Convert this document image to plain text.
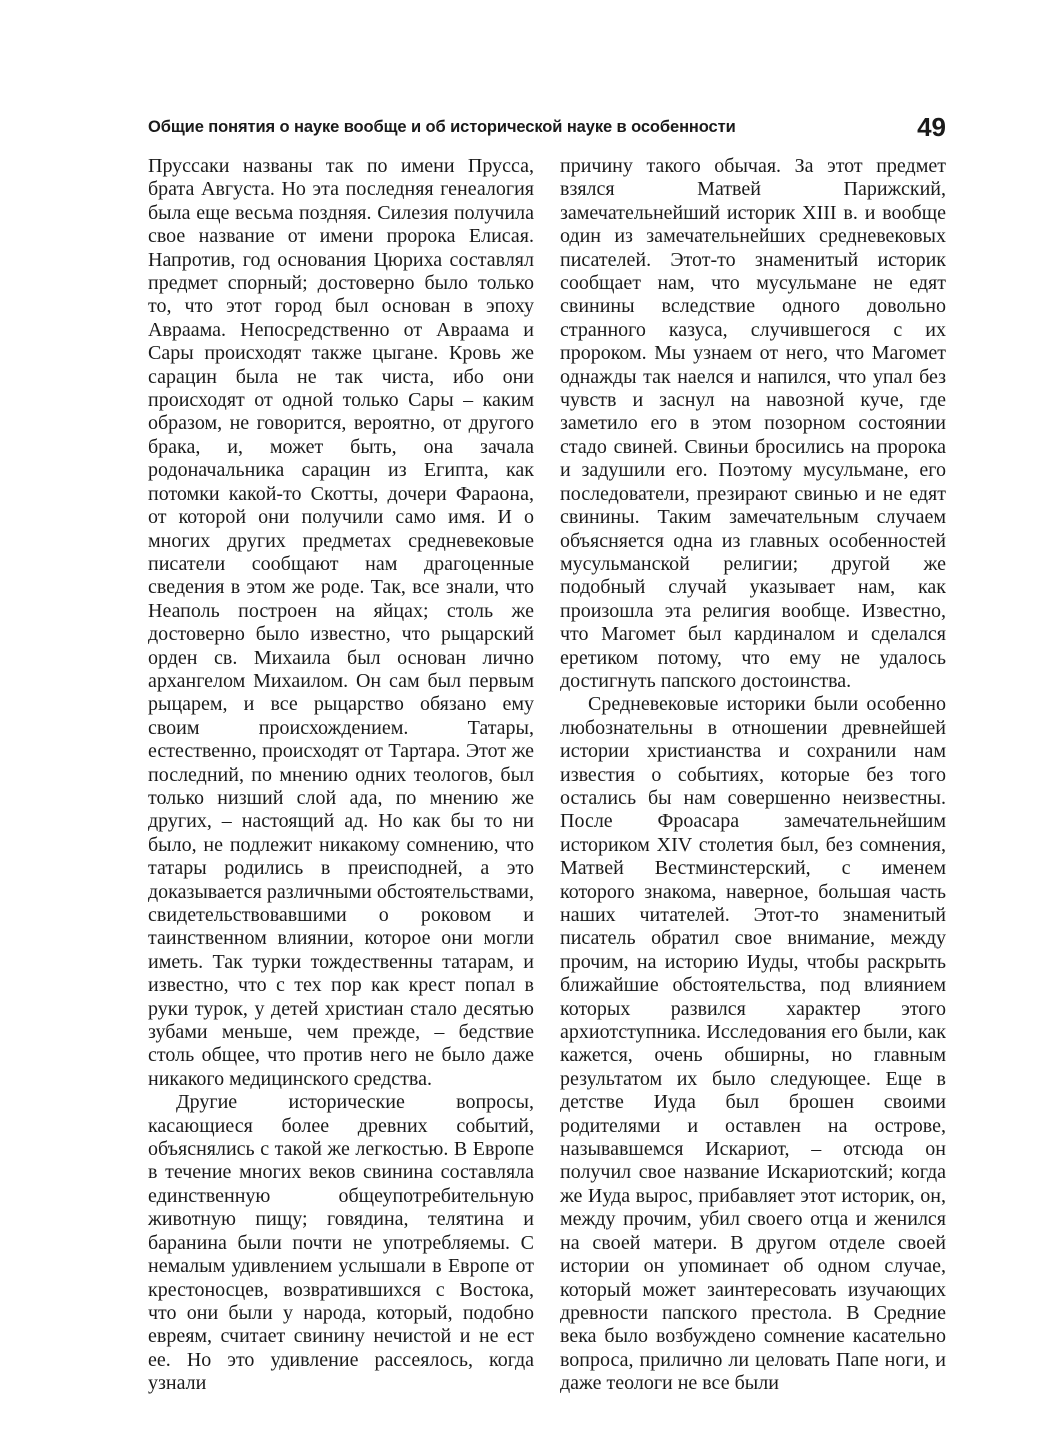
Общие понятия о науке вообще и об исторической науке в особенности	49

Пруссаки названы так по имени Прусса, брата Августа. Но эта последняя генеалогия была еще весьма поздняя. Силезия получила свое название от имени пророка Елисая. Напротив, год основания Цюриха составлял предмет спорный; достоверно было только то, что этот город был основан в эпоху Авраама. Непосредственно от Авраама и Сары происходят также цыгане. Кровь же сарацин была не так чиста, ибо они происходят от одной только Сары – каким образом, не говорится, вероятно, от другого брака, и, может быть, она зачала родоначальника сарацин из Египта, как потомки какой-то Скотты, дочери Фараона, от которой они получили само имя. И о многих других предметах средневековые писатели сообщают нам драгоценные сведения в этом же роде. Так, все знали, что Неаполь построен на яйцах; столь же достоверно было известно, что рыцарский орден св. Михаила был основан лично архангелом Михаилом. Он сам был первым рыцарем, и все рыцарство обязано ему своим происхождением. Татары, естественно, происходят от Тартара. Этот же последний, по мнению одних теологов, был только низший слой ада, по мнению же других, – настоящий ад. Но как бы то ни было, не подлежит никакому сомнению, что татары родились в преисподней, а это доказывается различными обстоятельствами, свидетельствовавшими о роковом и таинственном влиянии, которое они могли иметь. Так турки тождественны татарам, и известно, что с тех пор как крест попал в руки турок, у детей христиан стало десятью зубами меньше, чем прежде, – бедствие столь общее, что против него не было даже никакого медицинского средства.

Другие исторические вопросы, касающиеся более древних событий, объяснялись с такой же легкостью. В Европе в течение многих веков свинина составляла единственную общеупотребительную животную пищу; говядина, телятина и баранина были почти не употребляемы. С немалым удивлением услышали в Европе от крестоносцев, возвратившихся с Востока, что они были у народа, который, подобно евреям, считает свинину нечистой и не ест ее. Но это удивление рассеялось, когда узнали

причину такого обычая. За этот предмет взялся Матвей Парижский, замечательнейший историк XIII в. и вообще один из замечательнейших средневековых писателей. Этот-то знаменитый историк сообщает нам, что мусульмане не едят свинины вследствие одного довольно странного казуса, случившегося с их пророком. Мы узнаем от него, что Магомет однажды так наелся и напился, что упал без чувств и заснул на навозной куче, где заметило его в этом позорном состоянии стадо свиней. Свиньи бросились на пророка и задушили его. Поэтому мусульмане, его последователи, презирают свинью и не едят свинины. Таким замечательным случаем объясняется одна из главных особенностей мусульманской религии; другой же подобный случай указывает нам, как произошла эта религия вообще. Известно, что Магомет был кардиналом и сделался еретиком потому, что ему не удалось достигнуть папского достоинства.

Средневековые историки были особенно любознательны в отношении древнейшей истории христианства и сохранили нам известия о событиях, которые без того остались бы нам совершенно неизвестны. После Фроасара замечательнейшим историком XIV столетия был, без сомнения, Матвей Вестминстерский, с именем которого знакома, наверное, большая часть наших читателей. Этот-то знаменитый писатель обратил свое внимание, между прочим, на историю Иуды, чтобы раскрыть ближайшие обстоятельства, под влиянием которых развился характер этого архиотступника. Исследования его были, как кажется, очень обширны, но главным результатом их было следующее. Еще в детстве Иуда был брошен своими родителями и оставлен на острове, называвшемся Искариот, – отсюда он получил свое название Искариотский; когда же Иуда вырос, прибавляет этот историк, он, между прочим, убил своего отца и женился на своей матери. В другом отделе своей истории он упоминает об одном случае, который может заинтересовать изучающих древности папского престола. В Средние века было возбуждено сомнение касательно вопроса, прилично ли целовать Папе ноги, и даже теологи не все были
